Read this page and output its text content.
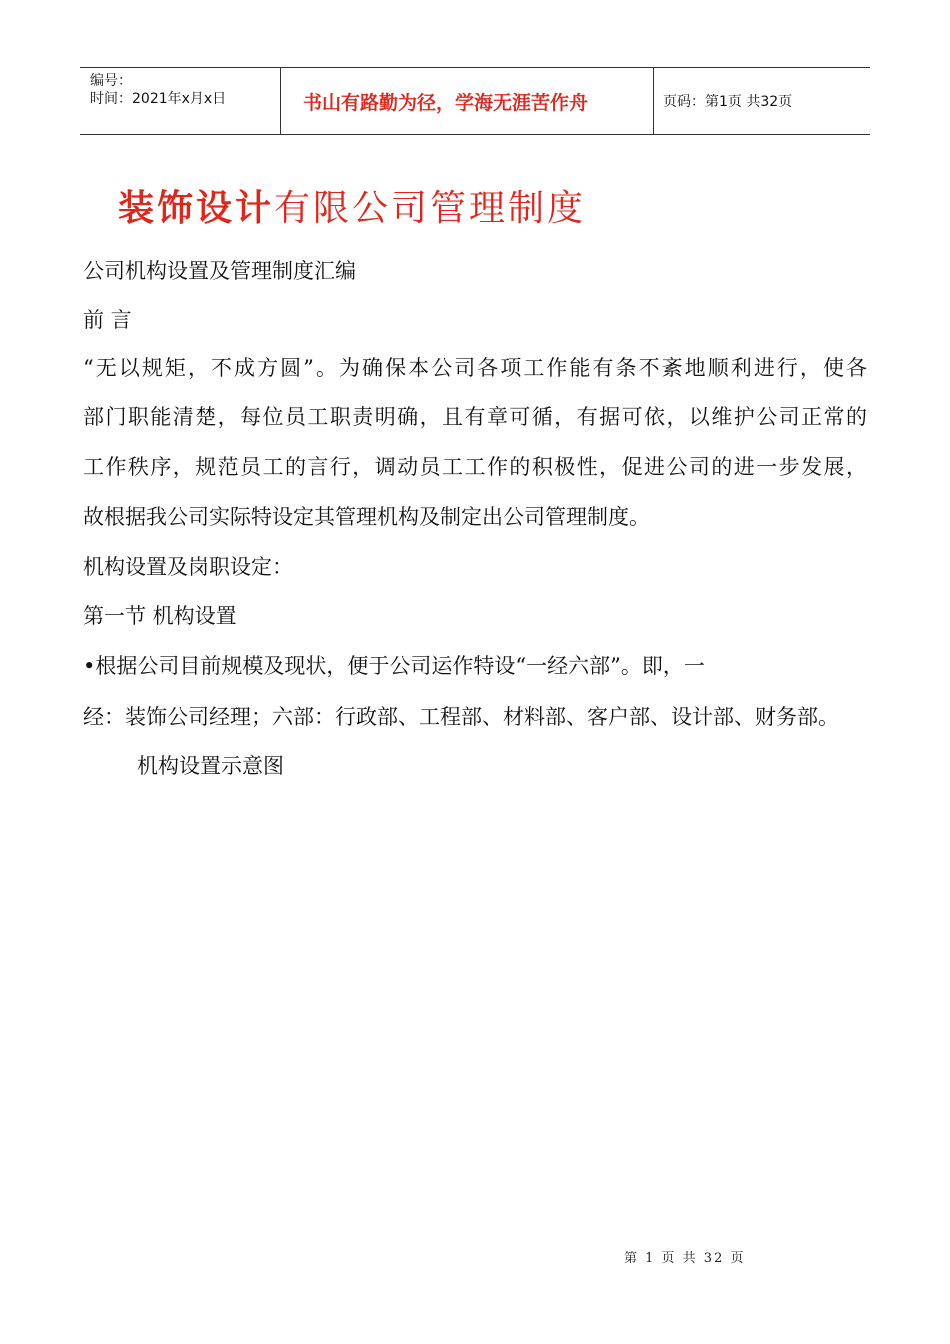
编号：
时间：2021年x月x日	书山有路勤为径，学海无涯苦作舟	页码：第1页 共32页
装饰设计有限公司管理制度
公司机构设置及管理制度汇编
前 言
“无以规矩，不成方圆”。为确保本公司各项工作能有条不紊地顺利进行，使各
部门职能清楚，每位员工职责明确，且有章可循，有据可依，以维护公司正常的
工作秩序，规范员工的言行，调动员工工作的积极性，促进公司的进一步发展，
故根据我公司实际特设定其管理机构及制定出公司管理制度。
机构设置及岗职设定：
第一节 机构设置
•根据公司目前规模及现状，便于公司运作特设“一经六部”。即，一
经：装饰公司经理；六部：行政部、工程部、材料部、客户部、设计部、财务部。
机构设置示意图
第 1 页 共 32 页
